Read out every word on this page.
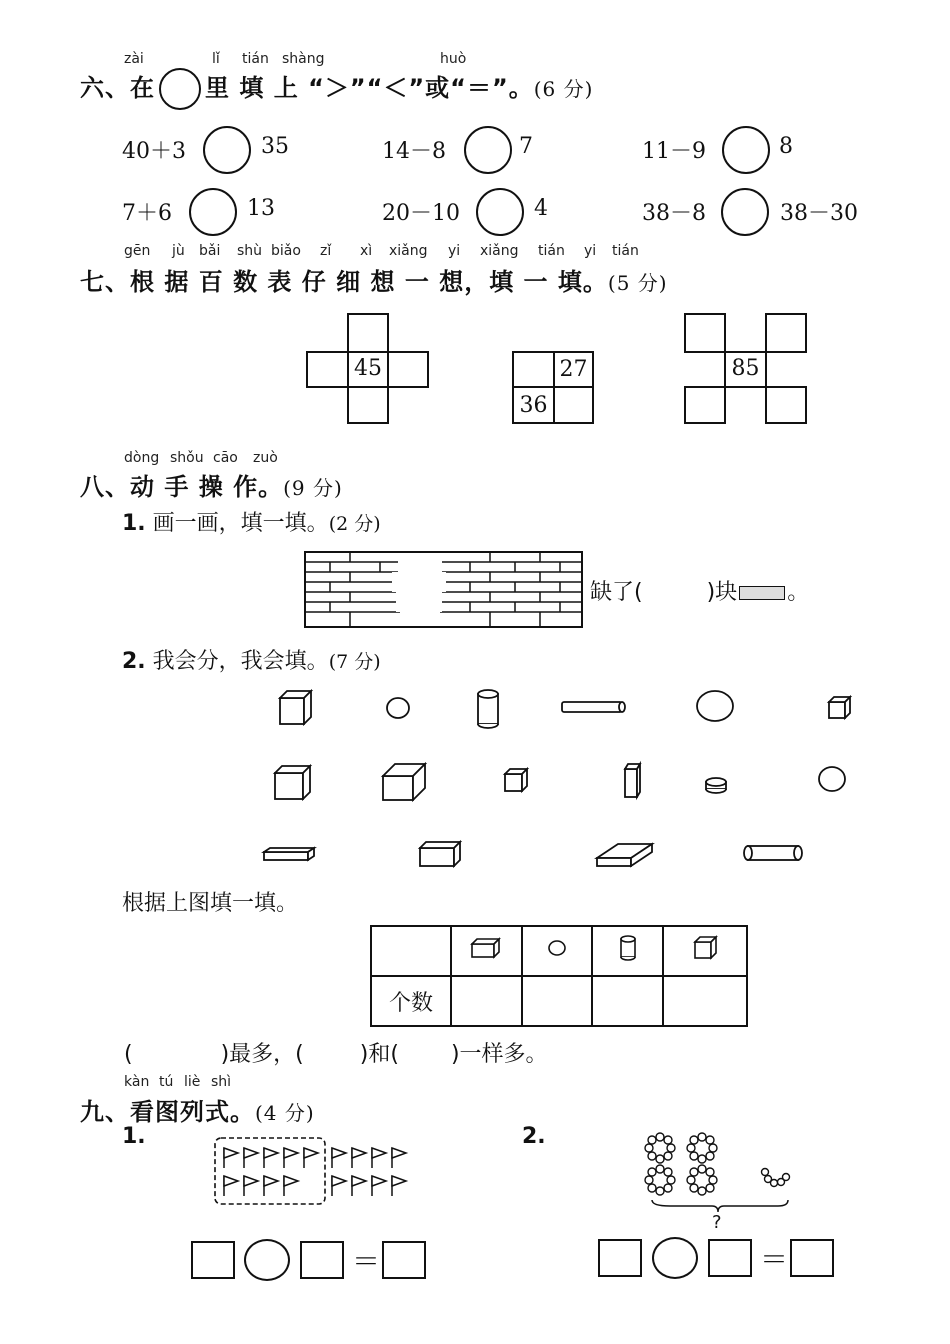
zài	lǐ tián shàng	huò
六、在 里 填 上 “＞”“＜”或“＝”。(6 分)
40＋3	35	14－8	7	11－9	8
7＋6	13	20－10	4	38－8	38－30
gēn jù bǎi shù biǎo zǐ xì xiǎng yi xiǎng tián yi tián
七、根 据 百 数 表 仔 细 想 一 想，填 一 填。(5 分)
45	27
36
85
dòng shǒu cāo zuò
八、动 手 操 作。(9 分)
1. 画一画，填一填。(2 分)
缺了(	)块 。
2. 我会分，我会填。(7 分)
根据上图填一填。

个数				
(	)最多，(	)和( )一样多。
kàn tú liè shì
九、看图列式。(4 分)
1.	2.
?
＝	＝
